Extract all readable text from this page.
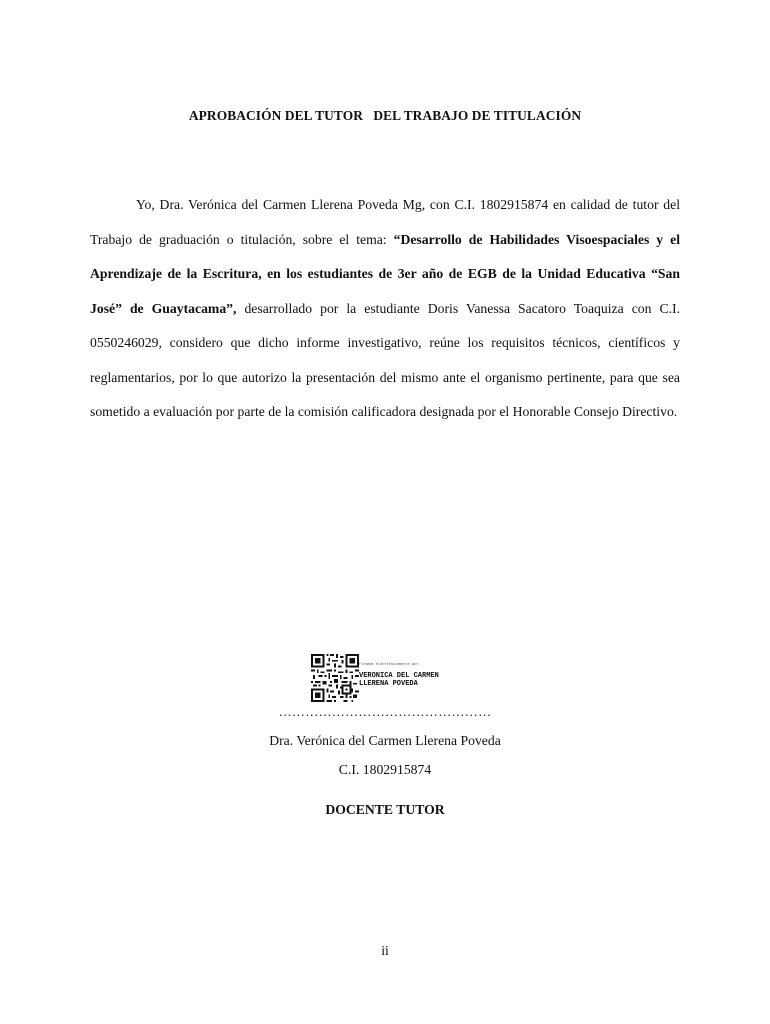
APROBACIÓN DEL TUTOR   DEL TRABAJO DE TITULACIÓN

Yo, Dra. Verónica del Carmen Llerena Poveda Mg, con C.I. 1802915874 en calidad de tutor del Trabajo de graduación o titulación, sobre el tema: “Desarrollo de Habilidades Visoespaciales y el Aprendizaje de la Escritura, en los estudiantes de 3er año de EGB de la Unidad Educativa “San José” de Guaytacama”, desarrollado por la estudiante Doris Vanessa Sacatoro Toaquiza con C.I. 0550246029, considero que dicho informe investigativo, reúne los requisitos técnicos, científicos y reglamentarios, por lo que autorizo la presentación del mismo ante el organismo pertinente, para que sea sometido a evaluación por parte de la comisión calificadora designada por el Honorable Consejo Directivo.

Firmado electrónicamente por:
VERONICA DEL CARMEN
LLERENA POVEDA
…………………………………………
Dra. Verónica del Carmen Llerena Poveda
C.I. 1802915874
DOCENTE TUTOR
ii
